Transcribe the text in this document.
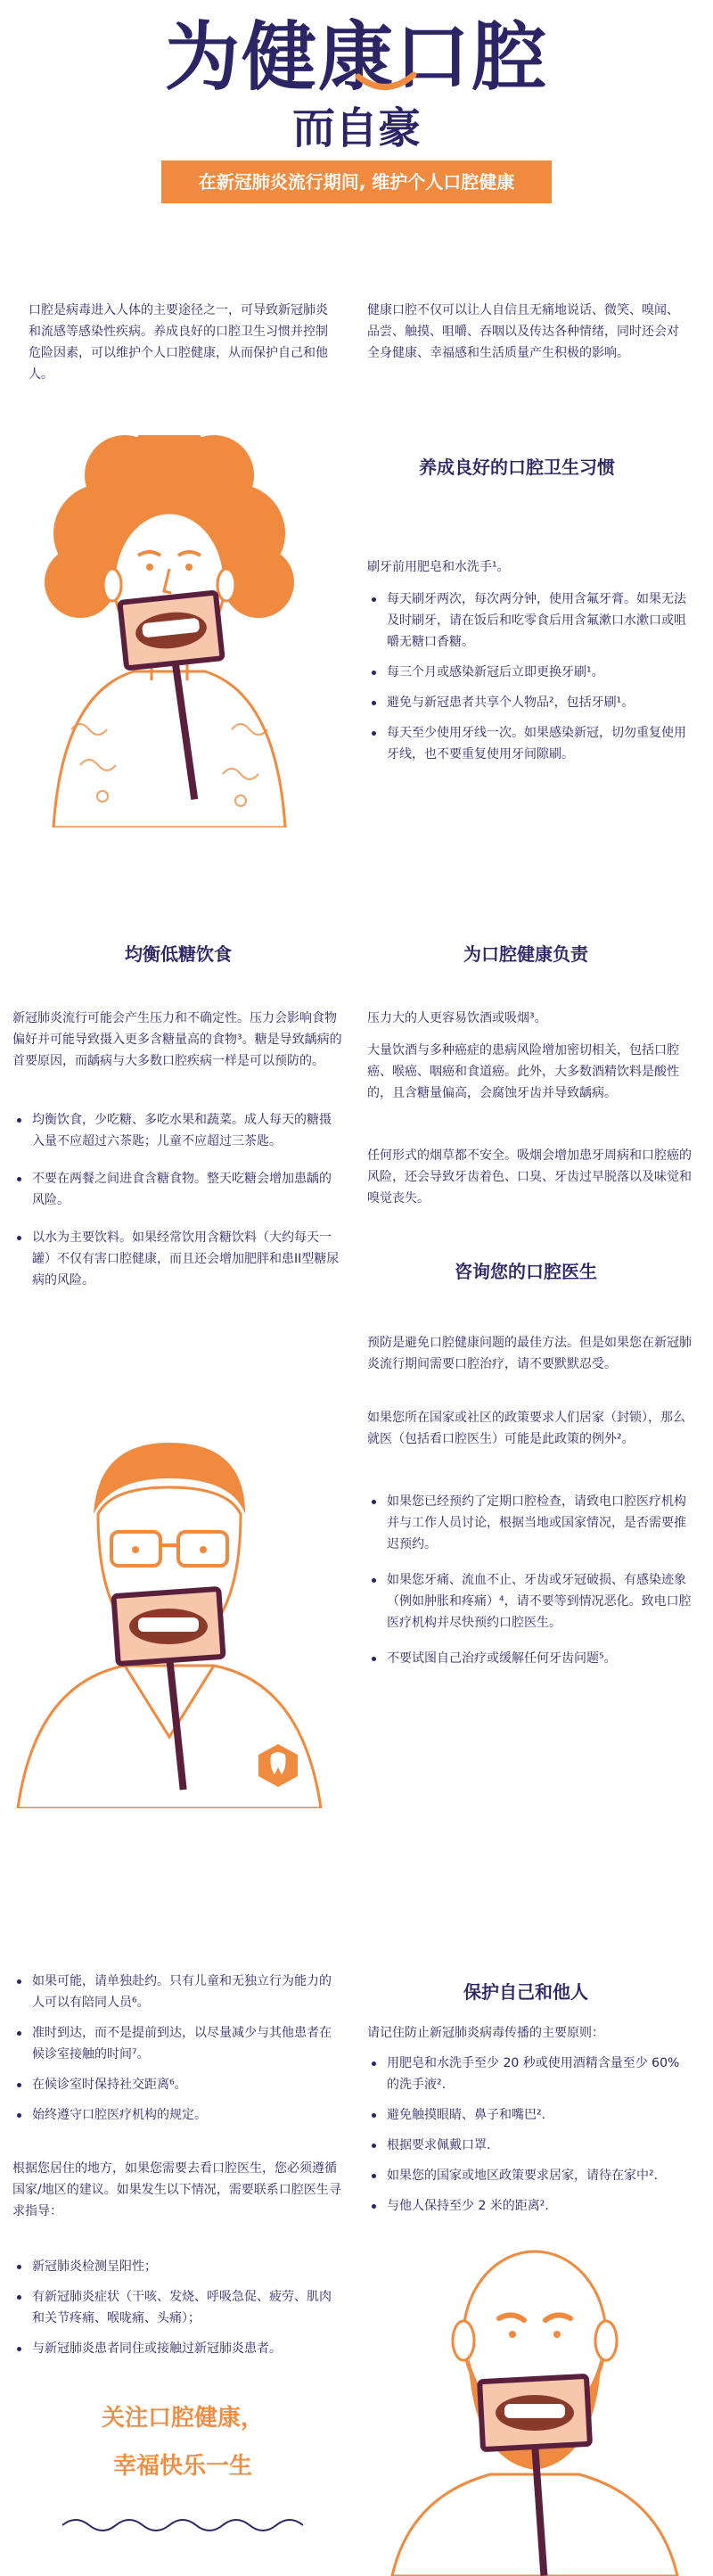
为健康口腔
而自豪
在新冠肺炎流行期间, 维护个人口腔健康
口腔是病毒进入人体的主要途径之一，可导致新冠肺炎和流感等感染性疾病。养成良好的口腔卫生习惯并控制危险因素，可以维护个人口腔健康，从而保护自己和他人。
健康口腔不仅可以让人自信且无痛地说话、微笑、嗅闻、品尝、触摸、咀嚼、吞咽以及传达各种情绪，同时还会对全身健康、幸福感和生活质量产生积极的影响。
养成良好的口腔卫生习惯
刷牙前用肥皂和水洗手¹。
每天刷牙两次，每次两分钟，使用含氟牙膏。如果无法及时刷牙，请在饭后和吃零食后用含氟漱口水漱口或咀嚼无糖口香糖。
每三个月或感染新冠后立即更换牙刷¹。
避免与新冠患者共享个人物品²，包括牙刷¹。
每天至少使用牙线一次。如果感染新冠，切勿重复使用牙线，也不要重复使用牙间隙刷。
均衡低糖饮食
新冠肺炎流行可能会产生压力和不确定性。压力会影响食物偏好并可能导致摄入更多含糖量高的食物³。糖是导致龋病的首要原因，而龋病与大多数口腔疾病一样是可以预防的。
均衡饮食，少吃糖、多吃水果和蔬菜。成人每天的糖摄入量不应超过六茶匙；儿童不应超过三茶匙。
不要在两餐之间进食含糖食物。整天吃糖会增加患龋的风险。
以水为主要饮料。如果经常饮用含糖饮料（大约每天一罐）不仅有害口腔健康，而且还会增加肥胖和患II型糖尿病的风险。
为口腔健康负责
压力大的人更容易饮酒或吸烟³。
大量饮酒与多种癌症的患病风险增加密切相关，包括口腔癌、喉癌、咽癌和食道癌。此外，大多数酒精饮料是酸性的，且含糖量偏高，会腐蚀牙齿并导致龋病。
任何形式的烟草都不安全。吸烟会增加患牙周病和口腔癌的风险，还会导致牙齿着色、口臭、牙齿过早脱落以及味觉和嗅觉丧失。
咨询您的口腔医生
预防是避免口腔健康问题的最佳方法。但是如果您在新冠肺炎流行期间需要口腔治疗，请不要默默忍受。
如果您所在国家或社区的政策要求人们居家（封锁），那么就医（包括看口腔医生）可能是此政策的例外²。
如果您已经预约了定期口腔检查，请致电口腔医疗机构并与工作人员讨论，根据当地或国家情况，是否需要推迟预约。
如果您牙痛、流血不止、牙齿或牙冠破损、有感染迹象（例如肿胀和疼痛）⁴，请不要等到情况恶化。致电口腔医疗机构并尽快预约口腔医生。
不要试图自己治疗或缓解任何牙齿问题⁵。
如果可能，请单独赴约。只有儿童和无独立行为能力的人可以有陪同人员⁶。
准时到达，而不是提前到达，以尽量减少与其他患者在候诊室接触的时间⁷。
在候诊室时保持社交距离⁶。
始终遵守口腔医疗机构的规定。
根据您居住的地方，如果您需要去看口腔医生，您必须遵循国家/地区的建议。如果发生以下情况，需要联系口腔医生寻求指导：
新冠肺炎检测呈阳性；
有新冠肺炎症状（干咳、发烧、呼吸急促、疲劳、肌肉和关节疼痛、喉咙痛、头痛）；
与新冠肺炎患者同住或接触过新冠肺炎患者。
保护自己和他人
请记住防止新冠肺炎病毒传播的主要原则：
用肥皂和水洗手至少 20 秒或使用酒精含量至少 60% 的洗手液².
避免触摸眼睛、鼻子和嘴巴².
根据要求佩戴口罩.
如果您的国家或地区政策要求居家，请待在家中².
与他人保持至少 2 米的距离².
关注口腔健康，
幸福快乐一生
